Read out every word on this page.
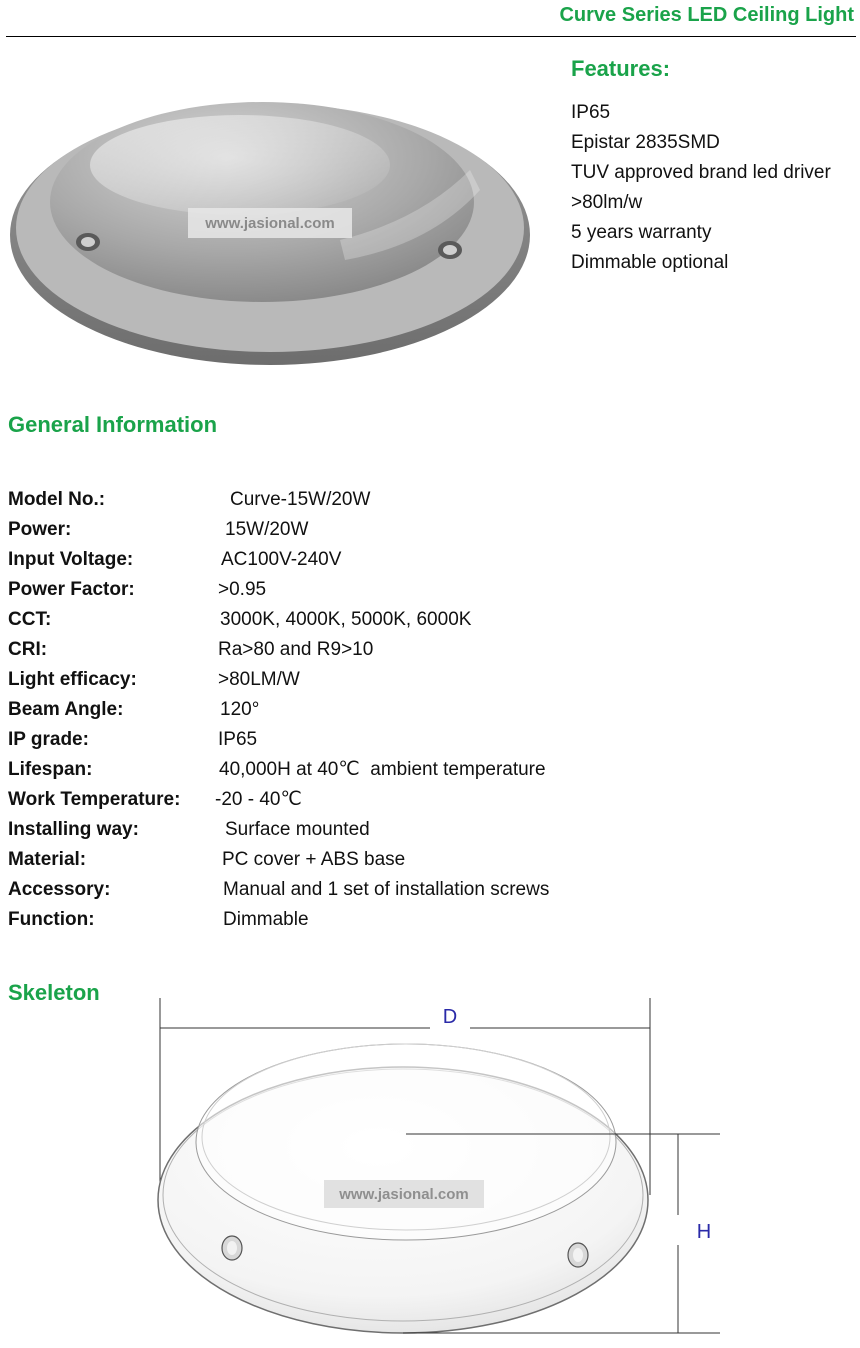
Curve Series LED Ceiling Light
www.jasional.com
Features:
IP65
Epistar 2835SMD
TUV approved brand led driver
>80lm/w
5 years warranty
Dimmable optional
General Information
Model No.:	Curve-15W/20W
Power:	15W/20W
Input Voltage:	AC100V-240V
Power Factor:	>0.95
CCT:	3000K, 4000K, 5000K, 6000K
CRI:	Ra>80 and R9>10
Light efficacy:	>80LM/W
Beam Angle:	120°
IP grade:	IP65
Lifespan:	40,000H at 40℃  ambient temperature
Work Temperature: -20 - 40℃
Installing way:	Surface mounted
Material:	PC cover + ABS base
Accessory:	Manual and 1 set of installation screws
Function:	Dimmable
Skeleton
D
H
www.jasional.com
